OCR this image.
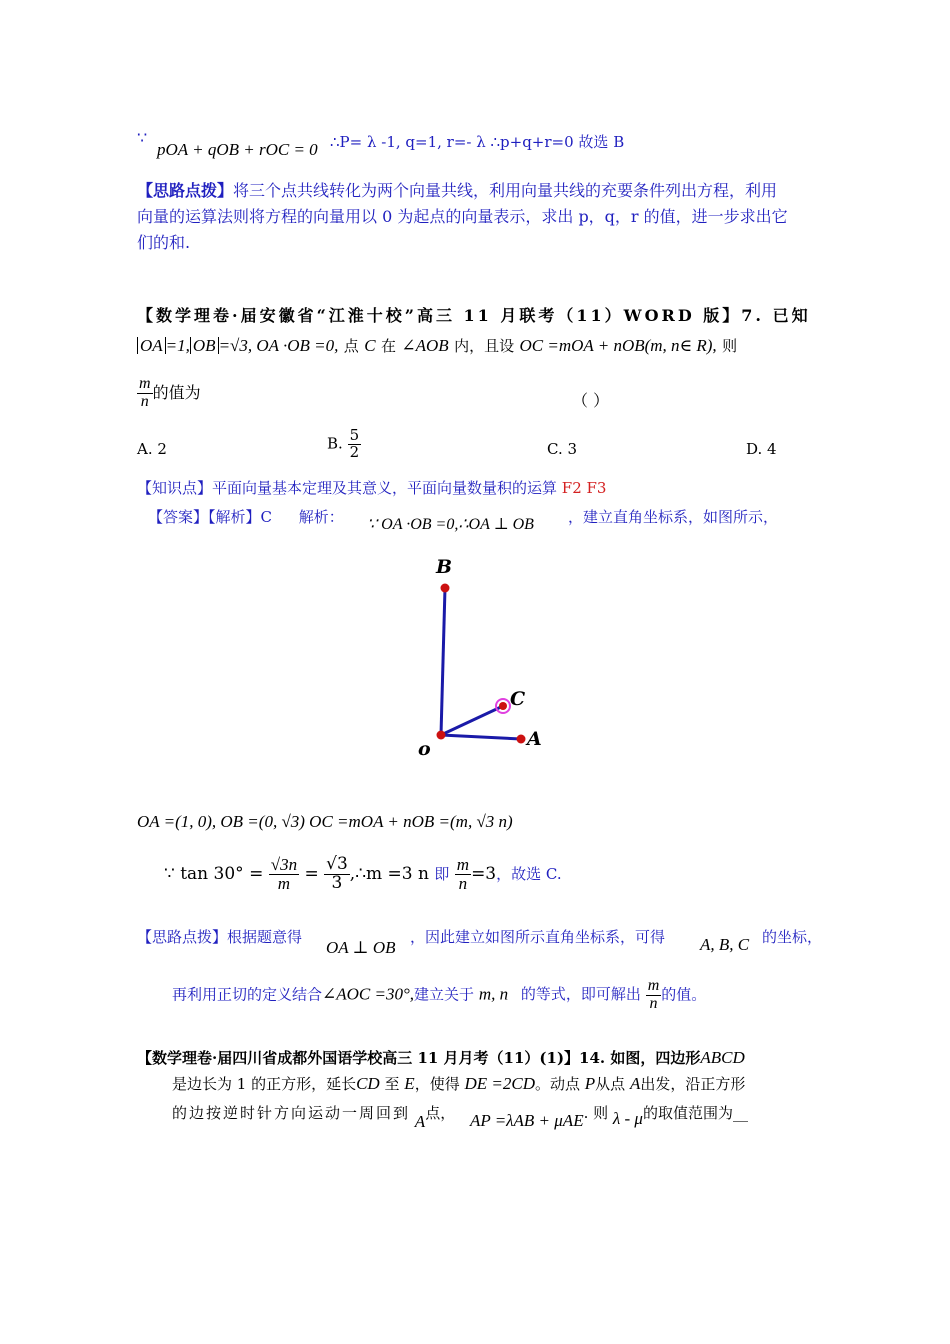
∵
pOA + qOB + rOC = 0 ∴P= λ -1, q=1, r=- λ ∴p+q+r=0 故选 B
【思路点拨】将三个点共线转化为两个向量共线，利用向量共线的充要条件列出方程，利用
向量的运算法则将方程的向量用以 0 为起点的向量表示，求出 p，q，r 的值，进一步求出它
们的和.
【数学理卷·届安徽省“江淮十校”高三 11 月联考（11）WORD 版】7. 已知
OA =1, OB =√3, OA ·OB =0, 点 C 在 ∠AOB 内，且设 OC =mOA + nOB(m, n∈ R), 则
$\frac{m}{n}$ 的值为	（ ）
A. 2	B. $\frac{5}{2}$	C. 3	D. 4
【知识点】平面向量基本定理及其意义，平面向量数量积的运算 F2 F3
【答案】【解析】C 解析： ∵ OA ·OB =0,∴OA ⊥ OB ，建立直角坐标系，如图所示，
B
C
o	A
OA =(1, 0), OB =(0, √3) OC =mOA + nOB =(m, √3 n)
∵ $\tan 30^\circ = \frac{√3n}{m} = \frac{√3}{3}$ ,∴m =3 n 即 $\frac{m}{n} =3$，故选 C.
【思路点拨】根据题意得
OA ⊥ OB
，因此建立如图所示直角坐标系，可得 A, B, C 的坐标，
再利用正切的定义结合∠AOC =30°,建立关于 m, n 的等式，即可解出 $\frac{m}{n}$ 的值。
【数学理卷·届四川省成都外国语学校高三 11 月月考（11）(1)】14. 如图，四边形ABCD
是边长为 1 的正方形，延长CD 至 E，使得 DE =2CD。动点 P从点 A出发，沿正方形
的边按逆时针方向运动一周回到 A点， AP =λAB + μAE. 则 λ - μ的取值范围为__
